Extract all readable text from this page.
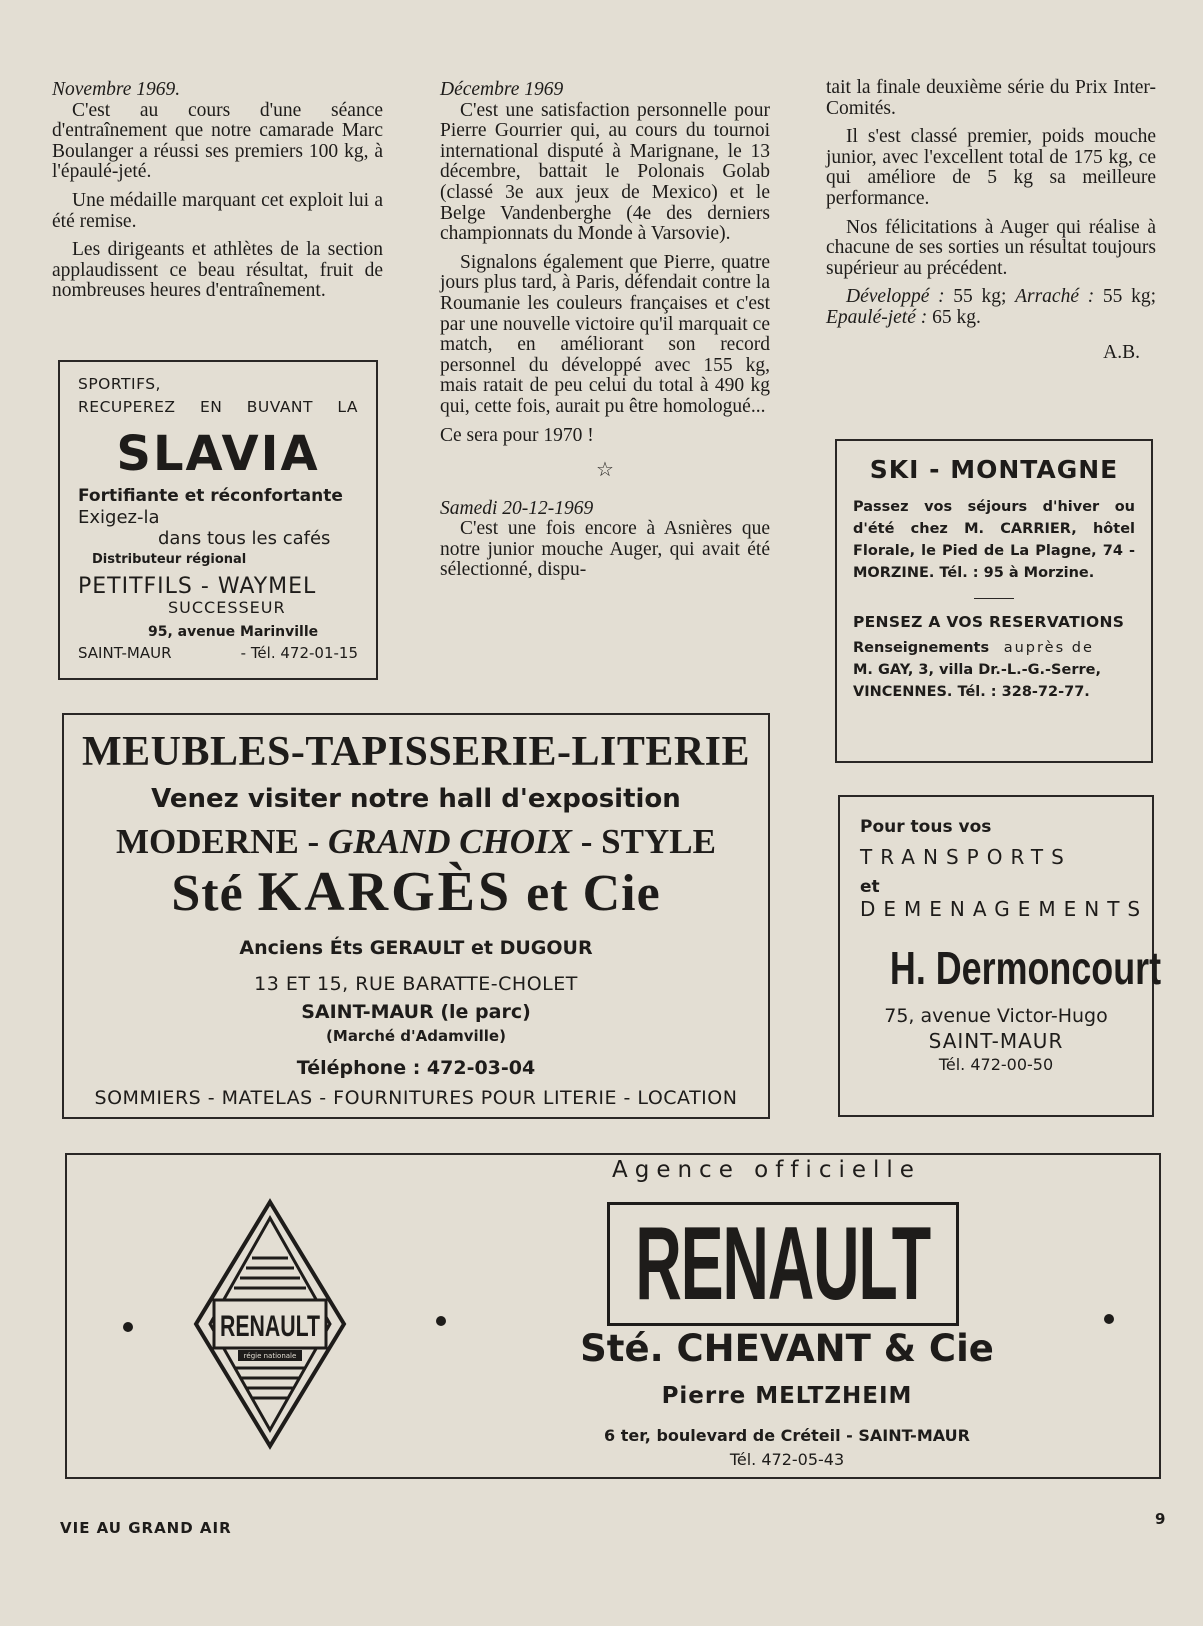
Novembre 1969.

C'est au cours d'une séance d'entraînement que notre camarade Marc Boulanger a réussi ses premiers 100 kg, à l'épaulé-jeté.

Une médaille marquant cet exploit lui a été remise.

Les dirigeants et athlètes de la section applaudissent ce beau résultat, fruit de nombreuses heures d'entraînement.

Décembre 1969

C'est une satisfaction personnelle pour Pierre Gourrier qui, au cours du tournoi international disputé à Marignane, le 13 décembre, battait le Polonais Golab (classé 3e aux jeux de Mexico) et le Belge Vandenberghe (4e des derniers championnats du Monde à Varsovie).

Signalons également que Pierre, quatre jours plus tard, à Paris, défendait contre la Roumanie les couleurs françaises et c'est par une nouvelle victoire qu'il marquait ce match, en améliorant son record personnel du développé avec 155 kg, mais ratait de peu celui du total à 490 kg qui, cette fois, aurait pu être homologué...

Ce sera pour 1970 !

☆
Samedi 20-12-1969

C'est une fois encore à Asnières que notre junior mouche Auger, qui avait été sélectionné, dispu-

tait la finale deuxième série du Prix Inter-Comités.

Il s'est classé premier, poids mouche junior, avec l'excellent total de 175 kg, ce qui améliore de 5 kg sa meilleure performance.

Nos félicitations à Auger qui réalise à chacune de ses sorties un résultat toujours supérieur au précédent.

Développé : 55 kg; Arraché : 55 kg; Epaulé-jeté : 65 kg.

A.B.
SPORTIFS,
RECUPEREZ EN BUVANT LA
SLAVIA
Fortifiante et réconfortante
Exigez-la
dans tous les cafés
Distributeur régional
PETITFILS - WAYMEL
SUCCESSEUR
95, avenue Marinville
SAINT-MAUR	- Tél. 472-01-15
MEUBLES-TAPISSERIE-LITERIE
Venez visiter notre hall d'exposition
MODERNE - GRAND CHOIX - STYLE
Sté KARGÈS et Cie
Anciens Éts GERAULT et DUGOUR
13 ET 15, RUE BARATTE-CHOLET
SAINT-MAUR (le parc)
(Marché d'Adamville)
Téléphone : 472-03-04
SOMMIERS - MATELAS - FOURNITURES POUR LITERIE - LOCATION
SKI - MONTAGNE
Passez vos séjours d'hiver ou d'été chez M. CARRIER, hôtel Florale, le Pied de La Plagne, 74 - MORZINE. Tél. : 95 à Morzine.
PENSEZ A VOS RESERVATIONS
Renseignements auprès de
M. GAY, 3, villa Dr.-L.-G.-Serre, VINCENNES. Tél. : 328-72-77.
Pour tous vos
TRANSPORTS
et
DEMENAGEMENTS
H. Dermoncourt
75, avenue Victor-Hugo
SAINT-MAUR
Tél. 472-00-50
Agence officielle
RENAULT
régie nationale
RENAULT
Sté. CHEVANT & Cie
Pierre MELTZHEIM
6 ter, boulevard de Créteil - SAINT-MAUR
Tél. 472-05-43
VIE AU GRAND AIR	9
